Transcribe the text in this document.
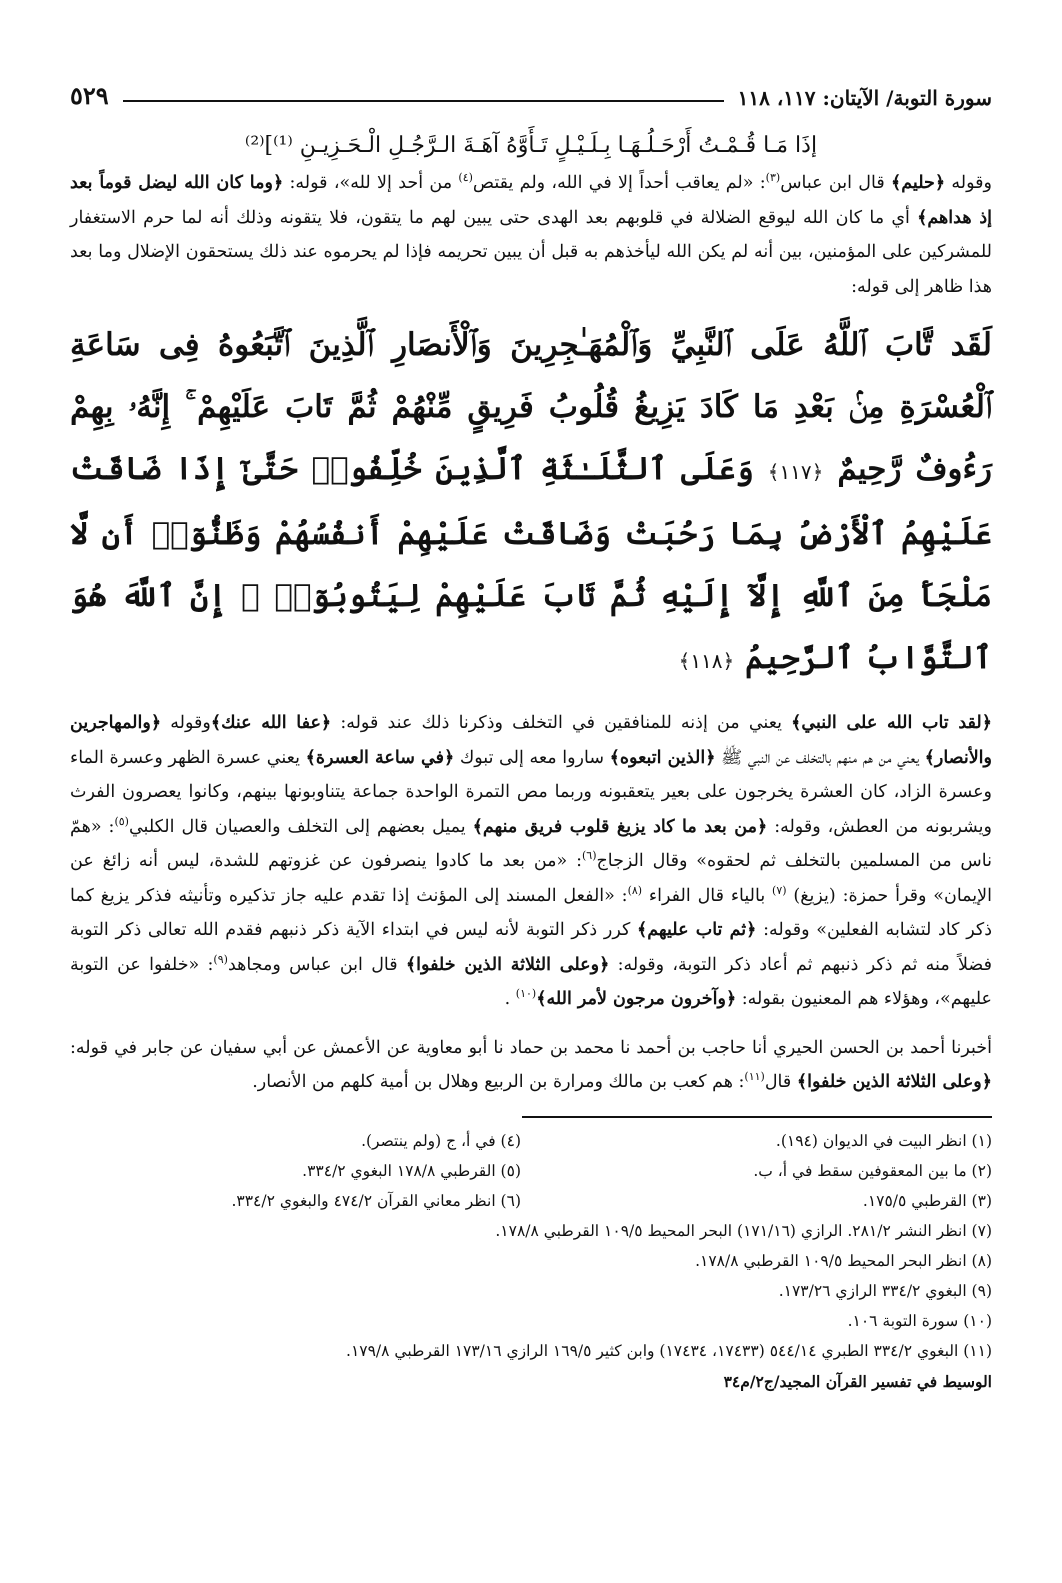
سورة التوبة/ الآيتان: ١١٧، ١١٨
٥٢٩
إذَا مَـا قُـمْـتُ أَرْحَـلُـهَـا بِـلَـيْـلٍ تَـأَوَّهُ آهَـةَ الـرَّجُـلِ الْـحَـزِيـنِ ⁽¹⁾]⁽²⁾

وقوله ﴿حليم﴾ قال ابن عباس$^{(٣)}$: «لم يعاقب أحداً إلا في الله، ولم يقتص$^{(٤)}$ من أحد إلا لله»، قوله: ﴿وما كان الله ليضل قوماً بعد إذ هداهم﴾ أي ما كان الله ليوقع الضلالة في قلوبهم بعد الهدى حتى يبين لهم ما يتقون، فلا يتقونه وذلك أنه لما حرم الاستغفار للمشركين على المؤمنين، بين أنه لم يكن الله ليأخذهم به قبل أن يبين تحريمه فإذا لم يحرموه عند ذلك يستحقون الإضلال وما بعد هذا ظاهر إلى قوله:

لَقَد تَّابَ ٱللَّهُ عَلَى ٱلنَّبِيِّ وَٱلْمُهَـٰجِرِينَ وَٱلْأَنصَارِ ٱلَّذِينَ ٱتَّبَعُوهُ فِى سَاعَةِ ٱلْعُسْرَةِ مِنۢ بَعْدِ مَا كَادَ يَزِيغُ قُلُوبُ فَرِيقٍ مِّنْهُمْ ثُمَّ تَابَ عَلَيْهِمْ ۚ إِنَّهُۥ بِهِمْ رَءُوفٌ رَّحِيمٌ ﴿١١٧﴾ وَعَلَى ٱلثَّلَـٰثَةِ ٱلَّذِينَ خُلِّفُوا۟ حَتَّىٰٓ إِذَا ضَاقَتْ عَلَيْهِمُ ٱلْأَرْضُ بِمَا رَحُبَتْ وَضَاقَتْ عَلَيْهِمْ أَنفُسُهُمْ وَظَنُّوٓا۟ أَن لَّا مَلْجَأَ مِنَ ٱللَّهِ إِلَّآ إِلَيْهِ ثُمَّ تَابَ عَلَيْهِمْ لِيَتُوبُوٓا۟ ۚ إِنَّ ٱللَّهَ هُوَ ٱلتَّوَّابُ ٱلرَّحِيمُ ﴿١١٨﴾

﴿لقد تاب الله على النبي﴾ يعني من إذنه للمنافقين في التخلف وذكرنا ذلك عند قوله: ﴿عفا الله عنك﴾وقوله ﴿والمهاجرين والأنصار﴾ يعني من هم منهم بالتخلف عن النبي ﷺ ﴿الذين اتبعوه﴾ ساروا معه إلى تبوك ﴿في ساعة العسرة﴾ يعني عسرة الظهر وعسرة الماء وعسرة الزاد، كان العشرة يخرجون على بعير يتعقبونه وربما مص التمرة الواحدة جماعة يتناوبونها بينهم، وكانوا يعصرون الفرث ويشربونه من العطش، وقوله: ﴿من بعد ما كاد يزيغ قلوب فريق منهم﴾ يميل بعضهم إلى التخلف والعصيان قال الكلبي$^{(٥)}$: «همّ ناس من المسلمين بالتخلف ثم لحقوه» وقال الزجاج$^{(٦)}$: «من بعد ما كادوا ينصرفون عن غزوتهم للشدة، ليس أنه زائغ عن الإيمان» وقرأ حمزة: (يزيغ) $^{(٧)}$ بالياء قال الفراء $^{(٨)}$: «الفعل المسند إلى المؤنث إذا تقدم عليه جاز تذكيره وتأنيثه فذكر يزيغ كما ذكر كاد لتشابه الفعلين» وقوله: ﴿ثم تاب عليهم﴾ كرر ذكر التوبة لأنه ليس في ابتداء الآية ذكر ذنبهم فقدم الله تعالى ذكر التوبة فضلاً منه ثم ذكر ذنبهم ثم أعاد ذكر التوبة، وقوله: ﴿وعلى الثلاثة الذين خلفوا﴾ قال ابن عباس ومجاهد$^{(٩)}$: «خلفوا عن التوبة عليهم»، وهؤلاء هم المعنيون بقوله: ﴿وآخرون مرجون لأمر الله﴾$^{(١٠)}$ .

أخبرنا أحمد بن الحسن الحيري أنا حاجب بن أحمد نا محمد بن حماد نا أبو معاوية عن الأعمش عن أبي سفيان عن جابر في قوله: ﴿وعلى الثلاثة الذين خلفوا﴾ قال$^{(١١)}$: هم كعب بن مالك ومرارة بن الربيع وهلال بن أمية كلهم من الأنصار.

(١) انظر البيت في الديوان (١٩٤).
(٤) في أ، ج (ولم ينتصر).
(٢) ما بين المعقوفين سقط في أ، ب.
(٥) القرطبي ١٧٨/٨ البغوي ٣٣٤/٢.
(٣) القرطبي ١٧٥/٥.
(٦) انظر معاني القرآن ٤٧٤/٢ والبغوي ٣٣٤/٢.
(٧) انظر النشر ٢٨١/٢. الرازي (١٧١/١٦) البحر المحيط ١٠٩/٥ القرطبي ١٧٨/٨.
(٨) انظر البحر المحيط ١٠٩/٥ القرطبي ١٧٨/٨.
(٩) البغوي ٣٣٤/٢ الرازي ١٧٣/٢٦.
(١٠) سورة التوبة ١٠٦.
(١١) البغوي ٣٣٤/٢ الطبري ٥٤٤/١٤ (١٧٤٣٣، ١٧٤٣٤) وابن كثير ١٦٩/٥ الرازي ١٧٣/١٦ القرطبي ١٧٩/٨.
الوسيط في تفسير القرآن المجيد/ج٢/م٣٤
